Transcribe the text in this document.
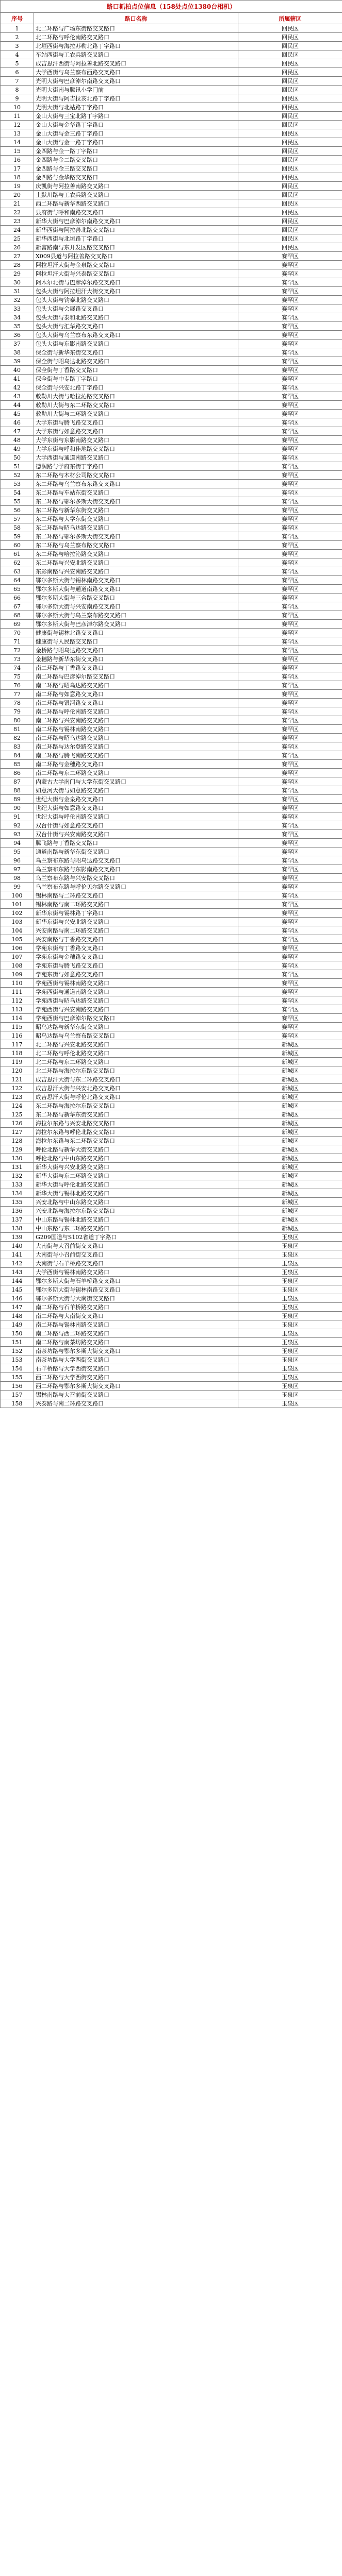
路口抓拍点位信息（158处点位1380台相机）		
序号	路口名称	所属辖区
1	北二环路与广场东街路交叉路口	回民区
2	北二环路与呼伦南路交叉路口	回民区
3	北垣西街与海拉苏勒北路丁字路口	回民区
4	车站西街与工农兵路交叉路口	回民区
5	成吉思汗西街与阿拉善北路交叉路口	回民区
6	大学西街与乌兰察布西路交叉路口	回民区
7	光明大街与巴彦淖尔南路交叉路口	回民区
8	光明大街南与腾讯小学门前	回民区
9	光明大街与阿吉拉亥北路丁字路口	回民区
10	光明大街与北站路丁字路口	回民区
11	金山大街与三宝北路丁字路口	回民区
12	金山大街与金华路丁字路口	回民区
13	金山大街与金三路丁字路口	回民区
14	金山大街与金一路丁字路口	回民区
15	金四路与金一路丁字路口	回民区
16	金四路与金二路交叉路口	回民区
17	金四路与金三路交叉路口	回民区
18	金四路与金华路交叉路口	回民区
19	庆凯街与阿拉善南路交叉路口	回民区
20	土默川路与工农兵路交叉路口	回民区
21	西二环路与新华西路交叉路口	回民区
22	县府街与呼和南路交叉路口	回民区
23	新华大街与巴彦淖尔南路交叉路口	回民区
24	新华西街与阿拉善北路交叉路口	回民区
25	新华西街与北垣路丁字路口	回民区
26	新富路南与东开发区路交叉路口	回民区
27	X009县道与阿拉善路交叉路口	赛罕区
28	阿拉坦汗大街与金泉路交叉路口	赛罕区
29	阿拉坦汗大街与兴泰路交叉路口	赛罕区
30	阿木尔北街与巴彦淖尔路交叉路口	赛罕区
31	包头大街与阿拉坦汗大街交叉路口	赛罕区
32	包头大街与钧泰北路交叉路口	赛罕区
33	包头大街与会展路交叉路口	赛罕区
34	包头大街与泰和北路交叉路口	赛罕区
35	包头大街与汇华路交叉路口	赛罕区
36	包头大街与乌兰察布东路交叉路口	赛罕区
37	包头大街与东影南路交叉路口	赛罕区
38	保全街与新华东街交叉路口	赛罕区
39	保全街与昭乌达北路交叉路口	赛罕区
40	保全街与丁香路交叉路口	赛罕区
41	保全街与中专路丁字路口	赛罕区
42	保全街与兴安北路丁字路口	赛罕区
43	敕勒川大街与哈拉沁路交叉路口	赛罕区
44	敕勒川大街与东二环路交叉路口	赛罕区
45	敕勒川大街与二环路交叉路口	赛罕区
46	大学东街与腾飞路交叉路口	赛罕区
47	大学东街与如意路交叉路口	赛罕区
48	大学东街与东影南路交叉路口	赛罕区
49	大学东街与呼和佳地路交叉路口	赛罕区
50	大学西街与通道南路交叉路口	赛罕区
51	德润路与学府东街丁字路口	赛罕区
52	东二环路与木材公司路交叉路口	赛罕区
53	东二环路与乌兰察布东路交叉路口	赛罕区
54	东二环路与车站东街交叉路口	赛罕区
55	东二环路与鄂尔多斯大街交叉路口	赛罕区
56	东二环路与新华东街交叉路口	赛罕区
57	东二环路与大学东街交叉路口	赛罕区
58	东二环路与昭乌达路交叉路口	赛罕区
59	东二环路与鄂尔多斯大街交叉路口	赛罕区
60	东二环路与乌兰察布路交叉路口	赛罕区
61	东二环路与哈拉沁路交叉路口	赛罕区
62	东二环路与兴安北路交叉路口	赛罕区
63	东影南路与兴安南路交叉路口	赛罕区
64	鄂尔多斯大街与锡林南路交叉路口	赛罕区
65	鄂尔多斯大街与通道南路交叉路口	赛罕区
66	鄂尔多斯大街与三合路交叉路口	赛罕区
67	鄂尔多斯大街与兴安南路交叉路口	赛罕区
68	鄂尔多斯大街与乌兰察布路交叉路口	赛罕区
69	鄂尔多斯大街与巴彦淖尔路交叉路口	赛罕区
70	健康街与锡林北路交叉路口	赛罕区
71	健康街与人民路交叉路口	赛罕区
72	金桥路与昭乌达路交叉路口	赛罕区
73	金穗路与新华东街交叉路口	赛罕区
74	南二环路与丁香路交叉路口	赛罕区
75	南二环路与巴彦淖尔路交叉路口	赛罕区
76	南二环路与昭乌达路交叉路口	赛罕区
77	南二环路与如意路交叉路口	赛罕区
78	南二环路与银河路交叉路口	赛罕区
79	南二环路与呼伦南路交叉路口	赛罕区
80	南二环路与兴安南路交叉路口	赛罕区
81	南二环路与锡林南路交叉路口	赛罕区
82	南二环路与昭乌达路交叉路口	赛罕区
83	南二环路与达尔登路交叉路口	赛罕区
84	南二环路与腾飞南路交叉路口	赛罕区
85	南二环路与金穗路交叉路口	赛罕区
86	南二环路与东二环路交叉路口	赛罕区
87	内蒙古大学南门与大学东街交叉路口	赛罕区
88	如意河大街与如意路交叉路口	赛罕区
89	世纪大街与金泉路交叉路口	赛罕区
90	世纪大街与如意路交叉路口	赛罕区
91	世纪大街与呼伦南路交叉路口	赛罕区
92	双台什街与如意路交叉路口	赛罕区
93	双台什街与兴安南路交叉路口	赛罕区
94	腾飞路与丁香路交叉路口	赛罕区
95	通道南路与新华东街交叉路口	赛罕区
96	乌兰察布东路与昭乌达路交叉路口	赛罕区
97	乌兰察布东路与东影南路交叉路口	赛罕区
98	乌兰察布东路与兴安路交叉路口	赛罕区
99	乌兰察布东路与呼伦贝尔路交叉路口	赛罕区
100	锡林南路与二环路交叉路口	赛罕区
101	锡林南路与南二环路交叉路口	赛罕区
102	新华东街与锡林路丁字路口	赛罕区
103	新华东街与兴安北路交叉路口	赛罕区
104	兴安南路与南二环路交叉路口	赛罕区
105	兴安南路与丁香路交叉路口	赛罕区
106	学苑东街与丁香路交叉路口	赛罕区
107	学苑东街与金穗路交叉路口	赛罕区
108	学苑东街与腾飞路交叉路口	赛罕区
109	学苑东街与如意路交叉路口	赛罕区
110	学苑西街与锡林南路交叉路口	赛罕区
111	学苑西街与通道南路交叉路口	赛罕区
112	学苑西街与昭乌达路交叉路口	赛罕区
113	学苑西街与兴安南路交叉路口	赛罕区
114	学苑西街与巴彦淖尔路交叉路口	赛罕区
115	昭乌达路与新华东街交叉路口	赛罕区
116	昭乌达路与乌兰察布路交叉路口	赛罕区
117	北二环路与兴安北路交叉路口	新城区
118	北二环路与呼伦北路交叉路口	新城区
119	北二环路与东二环路交叉路口	新城区
120	北二环路与海拉尔东路交叉路口	新城区
121	成吉思汗大街与东二环路交叉路口	新城区
122	成吉思汗大街与兴安北路交叉路口	新城区
123	成吉思汗大街与呼伦北路交叉路口	新城区
124	东二环路与海拉尔东路交叉路口	新城区
125	东二环路与新华东街交叉路口	新城区
126	海拉尔东路与兴安北路交叉路口	新城区
127	海拉尔东路与呼伦北路交叉路口	新城区
128	海拉尔东路与东二环路交叉路口	新城区
129	呼伦北路与新华大街交叉路口	新城区
130	呼伦北路与中山东路交叉路口	新城区
131	新华大街与兴安北路交叉路口	新城区
132	新华大街与东二环路交叉路口	新城区
133	新华大街与呼伦北路交叉路口	新城区
134	新华大街与锡林北路交叉路口	新城区
135	兴安北路与中山东路交叉路口	新城区
136	兴安北路与海拉尔东路交叉路口	新城区
137	中山东路与锡林北路交叉路口	新城区
138	中山东路与东二环路交叉路口	新城区
139	G209国道与S102省道丁字路口	玉泉区
140	大南街与大召前街交叉路口	玉泉区
141	大南街与小召前街交叉路口	玉泉区
142	大南街与石羊桥路交叉路口	玉泉区
143	大学西街与锡林南路交叉路口	玉泉区
144	鄂尔多斯大街与石羊桥路交叉路口	玉泉区
145	鄂尔多斯大街与锡林南路交叉路口	玉泉区
146	鄂尔多斯大街与大南街交叉路口	玉泉区
147	南二环路与石羊桥路交叉路口	玉泉区
148	南二环路与大南街交叉路口	玉泉区
149	南二环路与锡林南路交叉路口	玉泉区
150	南二环路与西二环路交叉路口	玉泉区
151	南二环路与南茶坊路交叉路口	玉泉区
152	南茶坊路与鄂尔多斯大街交叉路口	玉泉区
153	南茶坊路与大学西街交叉路口	玉泉区
154	石羊桥路与大学西街交叉路口	玉泉区
155	西二环路与大学西街交叉路口	玉泉区
156	西二环路与鄂尔多斯大街交叉路口	玉泉区
157	锡林南路与大召前街交叉路口	玉泉区
158	兴泰路与南二环路交叉路口	玉泉区
